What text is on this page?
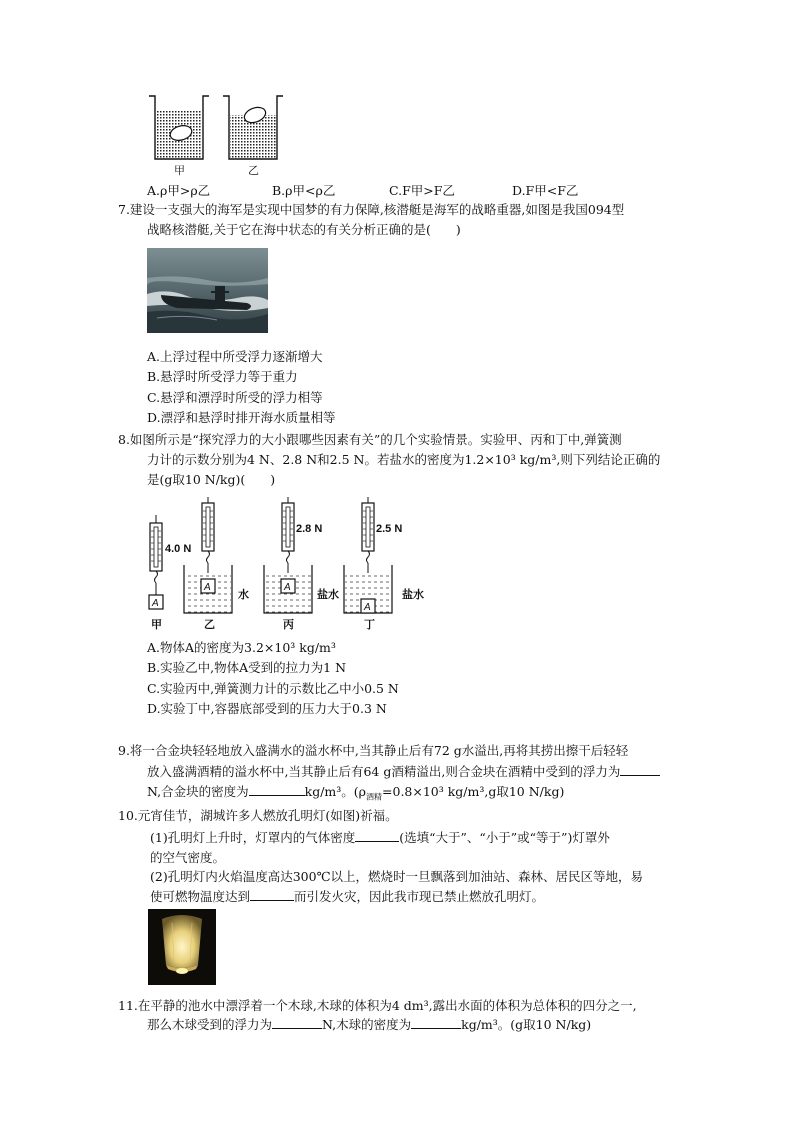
甲	乙
A.ρ甲>ρ乙	B.ρ甲<ρ乙	C.F甲>F乙	D.F甲<F乙
7.建设一支强大的海军是实现中国梦的有力保障,核潜艇是海军的战略重器,如图是我国094型
战略核潜艇,关于它在海中状态的有关分析正确的是(　　)
A.上浮过程中所受浮力逐渐增大
B.悬浮时所受浮力等于重力
C.悬浮和漂浮时所受的浮力相等
D.漂浮和悬浮时排开海水质量相等
8.如图所示是“探究浮力的大小跟哪些因素有关”的几个实验情景。实验甲、丙和丁中,弹簧测
力计的示数分别为4 N、2.8 N和2.5 N。若盐水的密度为1.2×10³ kg/m³,则下列结论正确的
是(g取10 N/kg)(　　)
4.0 N
2.8 N	2.5 N
A
A	A
A
水	盐水	盐水
甲	乙	丙	丁
A.物体A的密度为3.2×10³ kg/m³
B.实验乙中,物体A受到的拉力为1 N
C.实验丙中,弹簧测力计的示数比乙中小0.5 N
D.实验丁中,容器底部受到的压力大于0.3 N
9.将一合金块轻轻地放入盛满水的溢水杯中,当其静止后有72 g水溢出,再将其捞出擦干后轻轻
放入盛满酒精的溢水杯中,当其静止后有64 g酒精溢出,则合金块在酒精中受到的浮力为
N,合金块的密度为	kg/m³。($\rho_{酒精}=0.8\times 10^3$ kg/m³,g取10 N/kg)
10.元宵佳节，湖城许多人燃放孔明灯(如图)祈福。
(1)孔明灯上升时，灯罩内的气体密度	(选填“大于”、“小于”或“等于”)灯罩外
的空气密度。
(2)孔明灯内火焰温度高达300℃以上，燃烧时一旦飘落到加油站、森林、居民区等地，易
使可燃物温度达到	而引发火灾，因此我市现已禁止燃放孔明灯。
11.在平静的池水中漂浮着一个木球,木球的体积为4 dm³,露出水面的体积为总体积的四分之一,
那么木球受到的浮力为	N,木球的密度为	kg/m³。(g取10 N/kg)
